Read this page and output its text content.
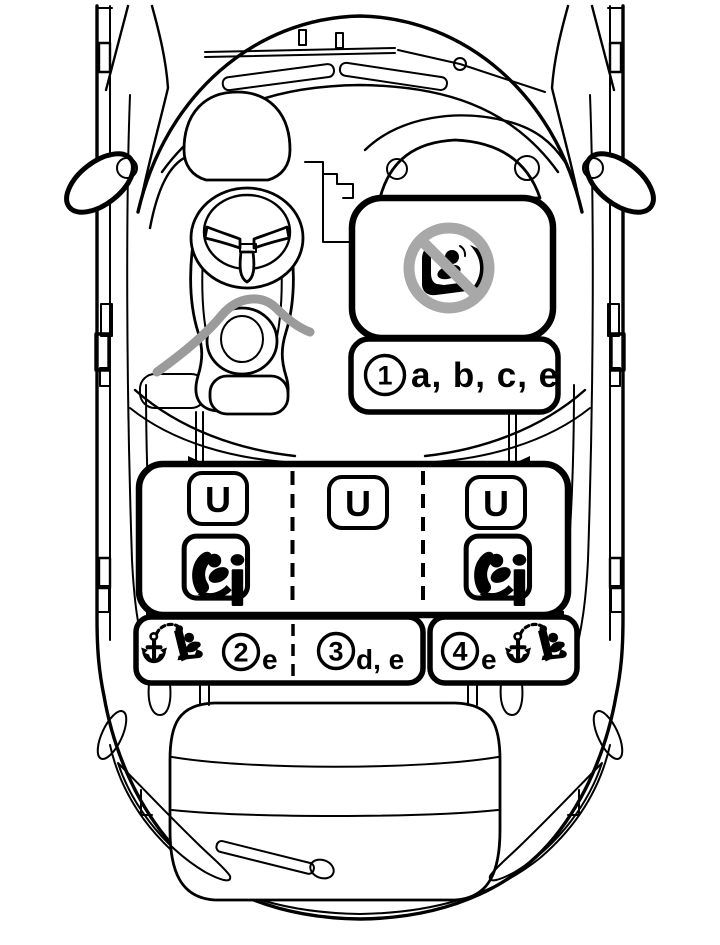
1 a, b, c, e
U	U	U
2 e 3 d, e 4 e
